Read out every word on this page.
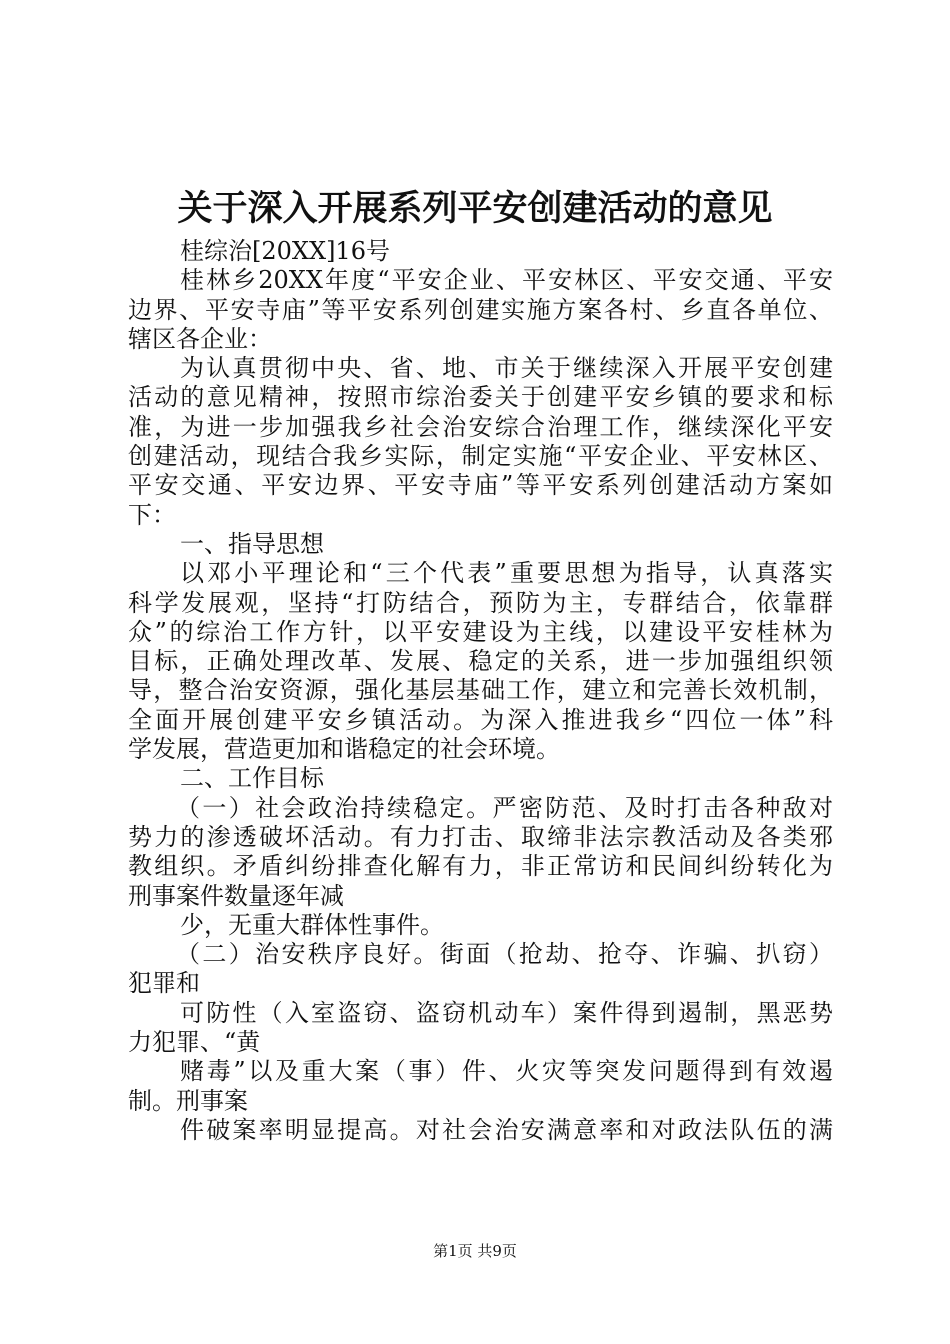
关于深入开展系列平安创建活动的意见
桂综治[20XX]16号
桂林乡20XX年度“平安企业、平安林区、平安交通、平安
边界、平安寺庙”等平安系列创建实施方案各村、乡直各单位、
辖区各企业：
为认真贯彻中央、省、地、市关于继续深入开展平安创建
活动的意见精神，按照市综治委关于创建平安乡镇的要求和标
准，为进一步加强我乡社会治安综合治理工作，继续深化平安
创建活动，现结合我乡实际，制定实施“平安企业、平安林区、
平安交通、平安边界、平安寺庙”等平安系列创建活动方案如
下：
一、指导思想
以邓小平理论和“三个代表”重要思想为指导，认真落实
科学发展观，坚持“打防结合，预防为主，专群结合，依靠群
众”的综治工作方针，以平安建设为主线，以建设平安桂林为
目标，正确处理改革、发展、稳定的关系，进一步加强组织领
导，整合治安资源，强化基层基础工作，建立和完善长效机制，
全面开展创建平安乡镇活动。为深入推进我乡“四位一体”科
学发展，营造更加和谐稳定的社会环境。
二、工作目标
（一）社会政治持续稳定。严密防范、及时打击各种敌对
势力的渗透破坏活动。有力打击、取缔非法宗教活动及各类邪
教组织。矛盾纠纷排查化解有力，非正常访和民间纠纷转化为
刑事案件数量逐年减
少，无重大群体性事件。
（二）治安秩序良好。街面（抢劫、抢夺、诈骗、扒窃）
犯罪和
可防性（入室盗窃、盗窃机动车）案件得到遏制，黑恶势
力犯罪、“黄
赌毒”以及重大案（事）件、火灾等突发问题得到有效遏
制。刑事案
件破案率明显提高。对社会治安满意率和对政法队伍的满
第1页 共9页
